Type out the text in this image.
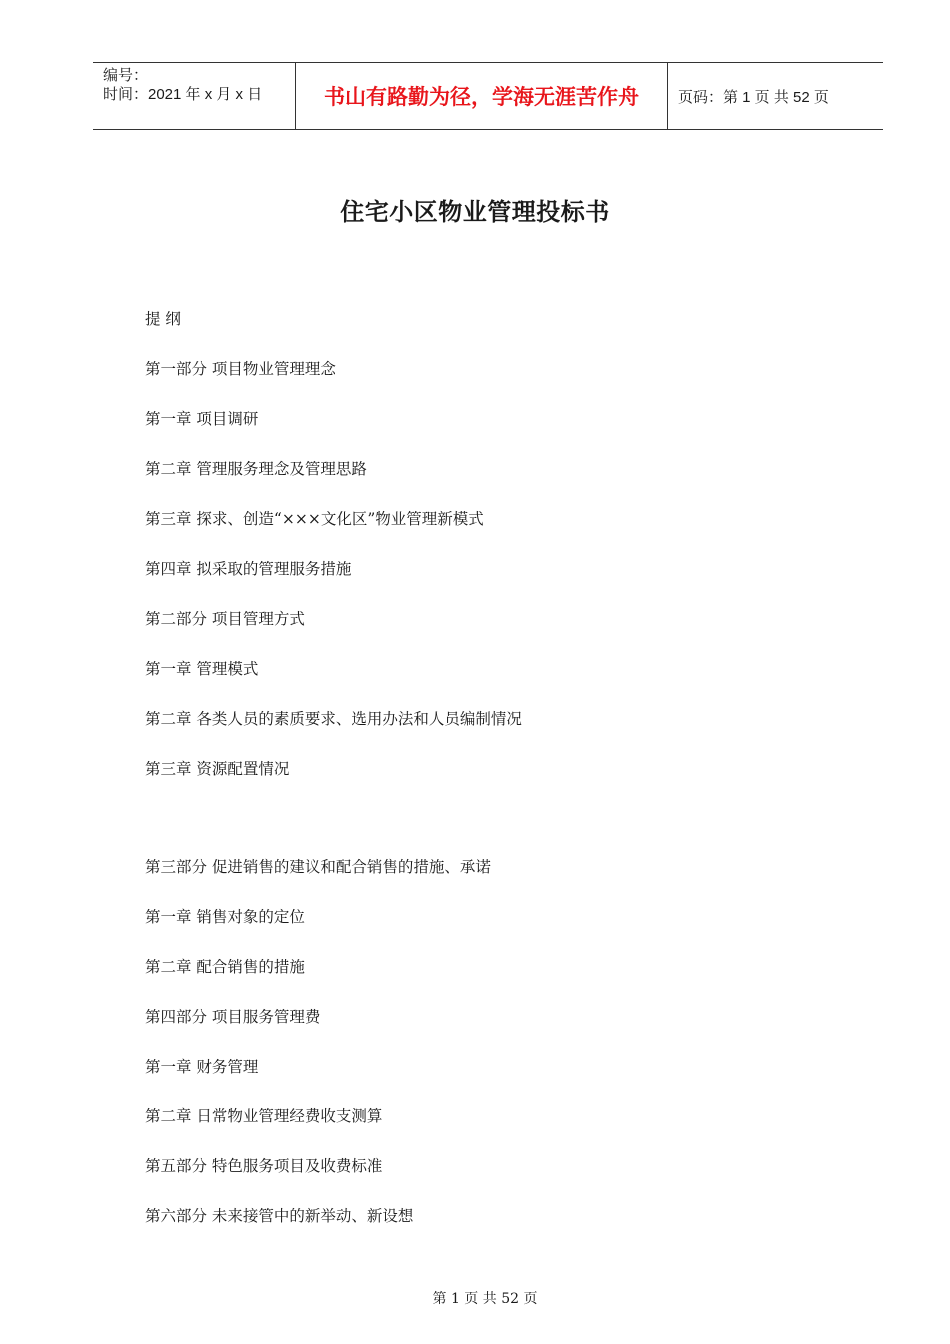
编号：
时间：2021 年 x 月 x 日	书山有路勤为径，学海无涯苦作舟	页码：第 1 页 共 52 页
住宅小区物业管理投标书
提 纲
第一部分 项目物业管理理念
第一章 项目调研
第二章 管理服务理念及管理思路
第三章 探求、创造“×××文化区”物业管理新模式
第四章 拟采取的管理服务措施
第二部分 项目管理方式
第一章 管理模式
第二章 各类人员的素质要求、选用办法和人员编制情况
第三章 资源配置情况
第三部分 促进销售的建议和配合销售的措施、承诺
第一章 销售对象的定位
第二章 配合销售的措施
第四部分 项目服务管理费
第一章 财务管理
第二章 日常物业管理经费收支测算
第五部分 特色服务项目及收费标准
第六部分 未来接管中的新举动、新设想
第 1 页 共 52 页
